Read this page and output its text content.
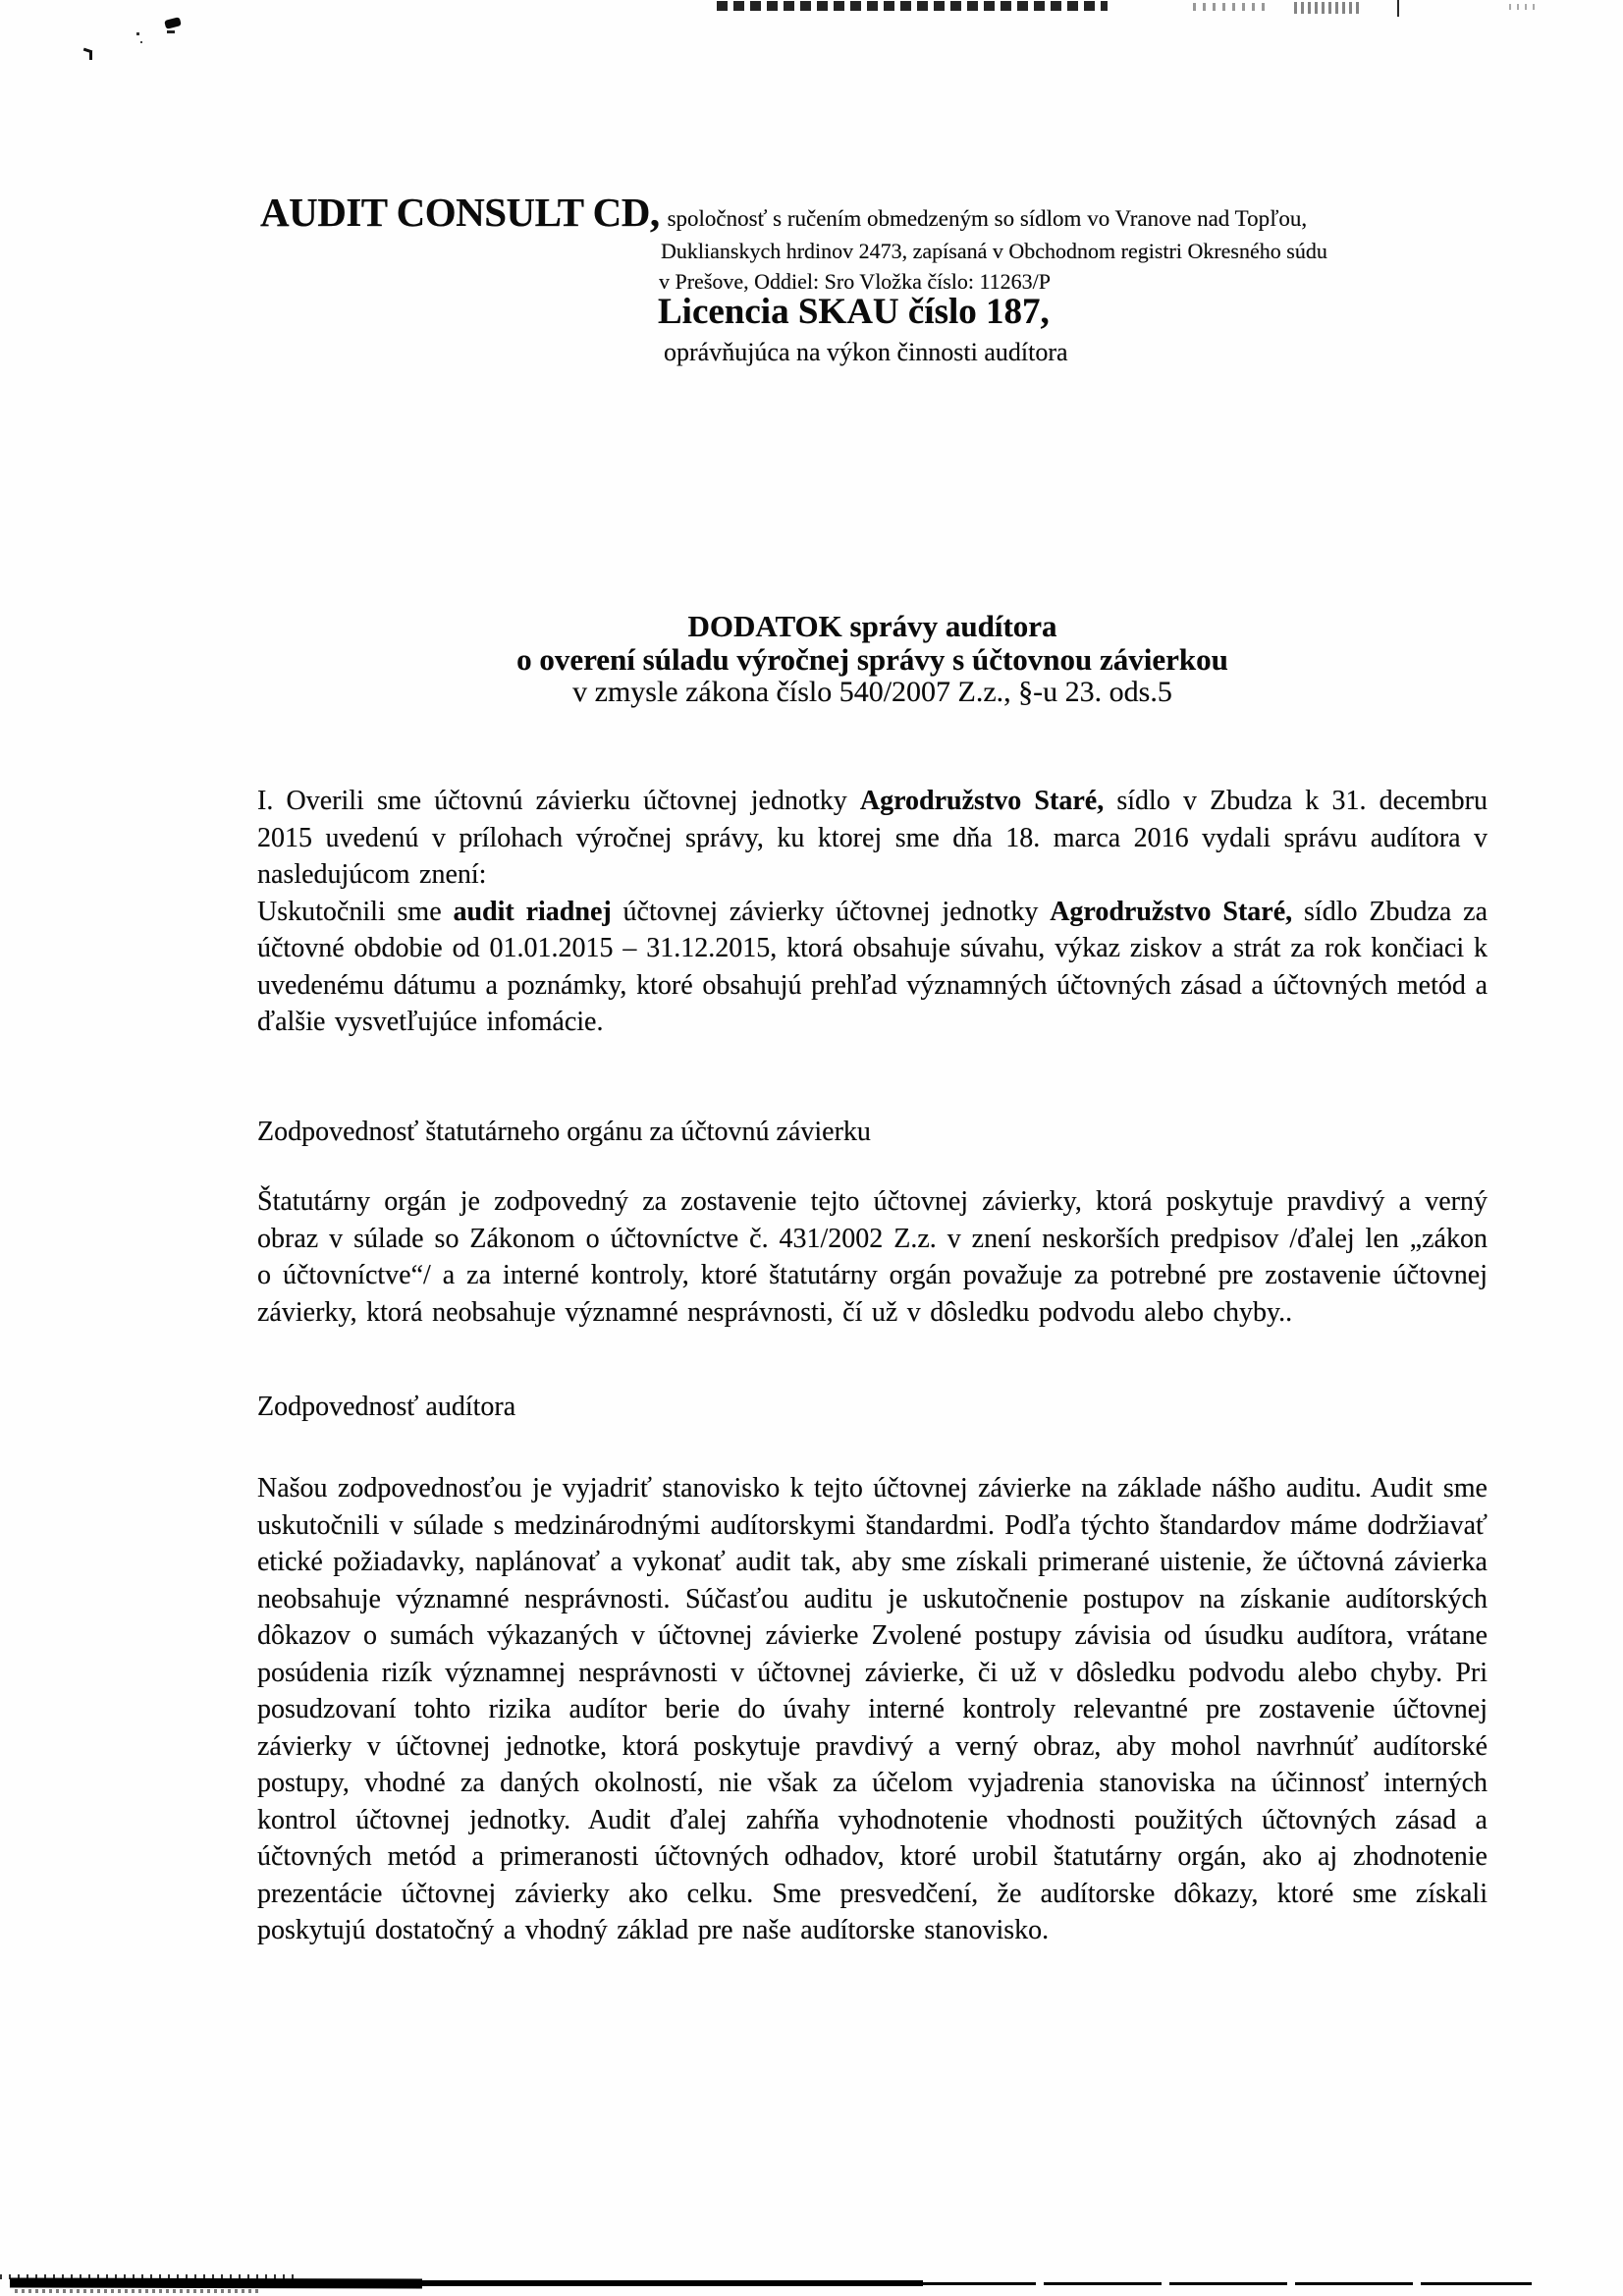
AUDIT CONSULT CD, spoločnosť s ručením obmedzeným so sídlom vo Vranove nad Topľou,
Duklianskych hrdinov 2473, zapísaná v Obchodnom registri Okresného súdu
v Prešove, Oddiel: Sro Vložka číslo: 11263/P
Licencia SKAU číslo 187,
oprávňujúca na výkon činnosti audítora
DODATOK správy audítora
o overení súladu výročnej správy s účtovnou závierkou
v zmysle zákona číslo 540/2007 Z.z., §-u 23. ods.5
I. Overili sme účtovnú závierku účtovnej jednotky Agrodružstvo Staré, sídlo v Zbudza k 31. decembru 2015 uvedenú v prílohach výročnej správy, ku ktorej sme dňa 18. marca 2016 vydali správu audítora v nasledujúcom znení:
Uskutočnili sme audit riadnej účtovnej závierky účtovnej jednotky Agrodružstvo Staré, sídlo Zbudza za účtovné obdobie od 01.01.2015 – 31.12.2015, ktorá obsahuje súvahu, výkaz ziskov a strát za rok končiaci k uvedenému dátumu a poznámky, ktoré obsahujú prehľad významných účtovných zásad a účtovných metód a ďalšie vysvetľujúce infomácie.
Zodpovednosť štatutárneho orgánu za účtovnú závierku
Štatutárny orgán je zodpovedný za zostavenie tejto účtovnej závierky, ktorá poskytuje pravdivý a verný obraz v súlade so Zákonom o účtovníctve č. 431/2002 Z.z. v znení neskorších predpisov /ďalej len „zákon o účtovníctve“/ a za interné kontroly, ktoré štatutárny orgán považuje za potrebné pre zostavenie účtovnej závierky, ktorá neobsahuje významné nesprávnosti, čí už v dôsledku podvodu alebo chyby..
Zodpovednosť audítora
Našou zodpovednosťou je vyjadriť stanovisko k tejto účtovnej závierke na základe nášho auditu. Audit sme uskutočnili v súlade s medzinárodnými audítorskymi štandardmi. Podľa týchto štandardov máme dodržiavať etické požiadavky, naplánovať a vykonať audit tak, aby sme získali primerané uistenie, že účtovná závierka neobsahuje významné nesprávnosti. Súčasťou auditu je uskutočnenie postupov na získanie audítorských dôkazov o sumách výkazaných v účtovnej závierke Zvolené postupy závisia od úsudku audítora, vrátane posúdenia rizík významnej nesprávnosti v účtovnej závierke, či už v dôsledku podvodu alebo chyby. Pri posudzovaní tohto rizika audítor berie do úvahy interné kontroly relevantné pre zostavenie účtovnej závierky v účtovnej jednotke, ktorá poskytuje pravdivý a verný obraz, aby mohol navrhnúť audítorské postupy, vhodné za daných okolností, nie však za účelom vyjadrenia stanoviska na účinnosť interných kontrol účtovnej jednotky. Audit ďalej zahŕňa vyhodnotenie vhodnosti použitých účtovných zásad a účtovných metód a primeranosti účtovných odhadov, ktoré urobil štatutárny orgán, ako aj zhodnotenie prezentácie účtovnej závierky ako celku. Sme presvedčení, že audítorske dôkazy, ktoré sme získali poskytujú dostatočný a vhodný základ pre naše audítorske stanovisko.
